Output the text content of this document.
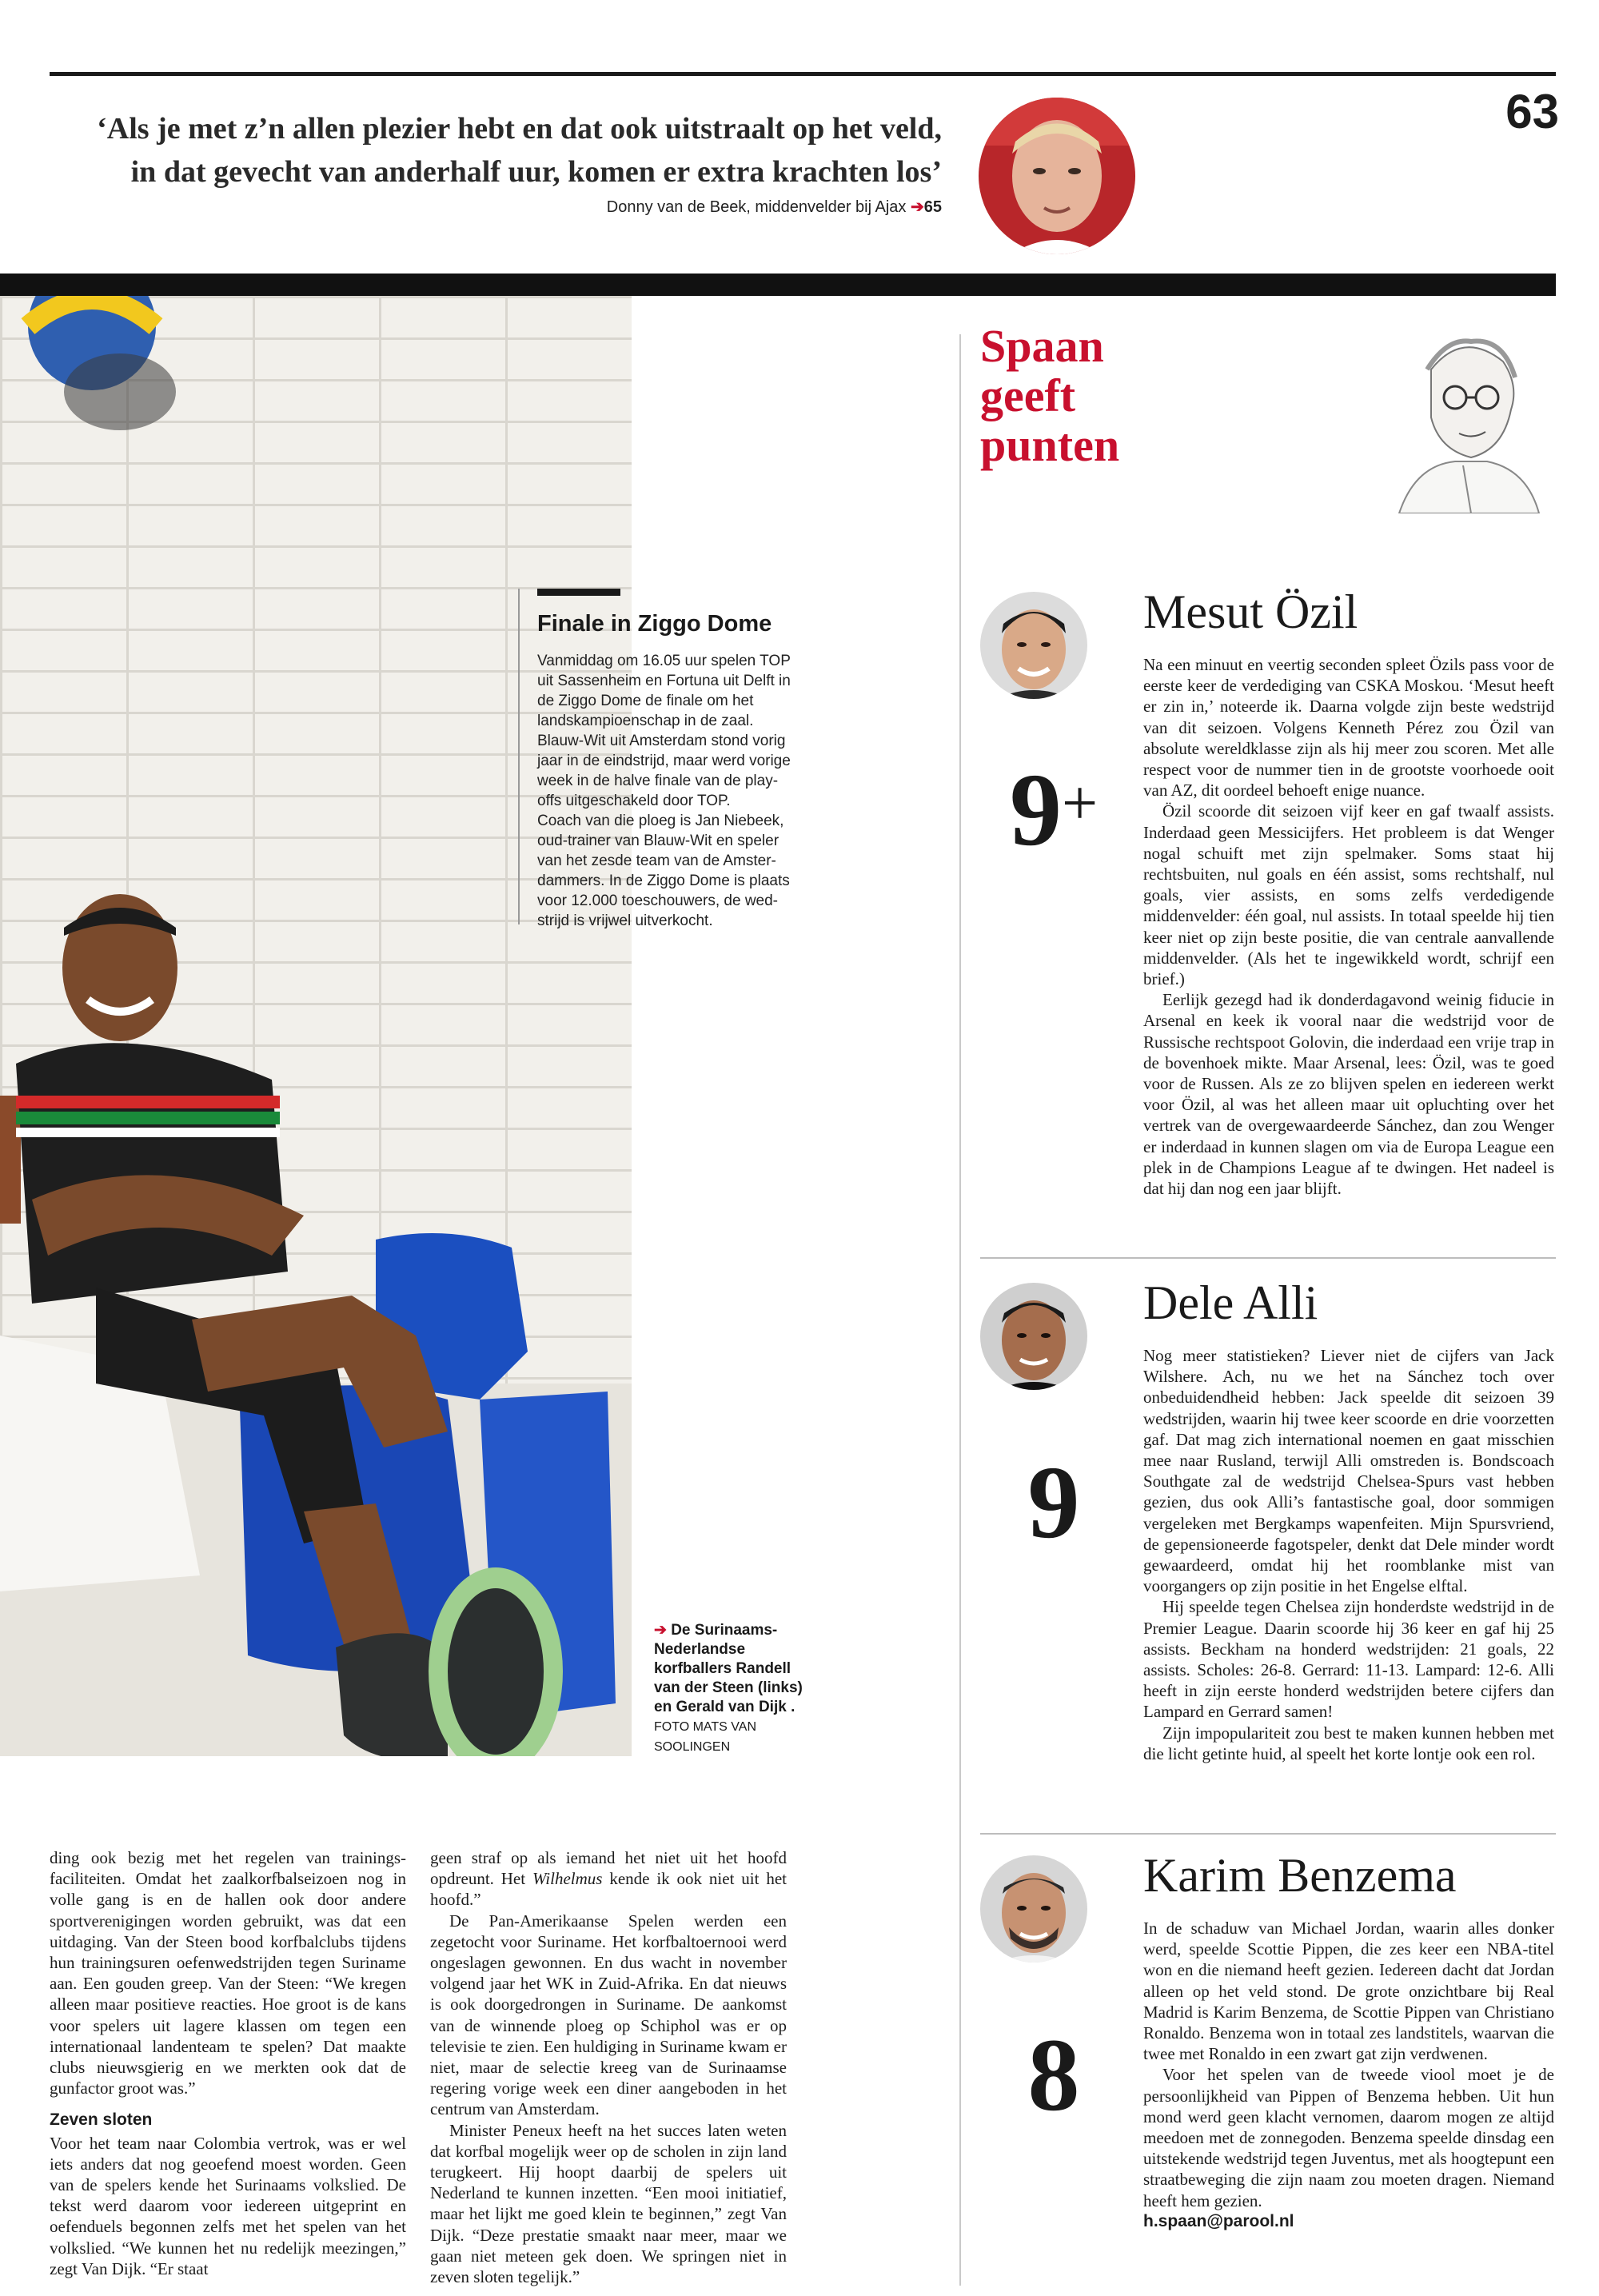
63
‘Als je met z’n allen plezier hebt en dat ook uitstraalt op het veld,
in dat gevecht van anderhalf uur, komen er extra krachten los’
Donny van de Beek, middenvelder bij Ajax ➔65
Finale in Ziggo Dome
Vanmiddag om 16.05 uur spelen TOP
uit Sassenheim en Fortuna uit Delft in
de Ziggo Dome de finale om het
landskampioenschap in de zaal.
Blauw-Wit uit Amsterdam stond vorig
jaar in de eindstrijd, maar werd vorige
week in de halve finale van de play-
offs uitgeschakeld door TOP.
Coach van die ploeg is Jan Niebeek,
oud-trainer van Blauw-Wit en speler
van het zesde team van de Amster-
dammers. In de Ziggo Dome is plaats
voor 12.000 toeschouwers, de wed-
strijd is vrijwel uitverkocht.
➔ De Surinaams-Nederlandse korfballers Randell van der Steen (links) en Gerald van Dijk . FOTO MATS VAN SOOLINGEN

ding ook bezig met het regelen van trainings-faciliteiten. Omdat het zaalkorfbalseizoen nog in volle gang is en de hallen ook door andere sportverenigingen worden gebruikt, was dat een uitdaging. Van der Steen bood korfbalclubs tijdens hun trainingsuren oefenwedstrijden tegen Suriname aan. Een gouden greep. Van der Steen: “We kregen alleen maar positieve reacties. Hoe groot is de kans voor spelers uit lagere klassen om tegen een internationaal landenteam te spelen? Dat maakte clubs nieuwsgierig en we merkten ook dat de gunfactor groot was.”

Zeven sloten

Voor het team naar Colombia vertrok, was er wel iets anders dat nog geoefend moest worden. Geen van de spelers kende het Surinaams volkslied. De tekst werd daarom voor iedereen uitgeprint en oefenduels begonnen zelfs met het spelen van het volkslied. “We kunnen het nu redelijk meezingen,” zegt Van Dijk. “Er staat

geen straf op als iemand het niet uit het hoofd opdreunt. Het Wilhelmus kende ik ook niet uit het hoofd.”

De Pan-Amerikaanse Spelen werden een zegetocht voor Suriname. Het korfbaltoernooi werd ongeslagen gewonnen. En dus wacht in november volgend jaar het WK in Zuid-Afrika. En dat nieuws is ook doorgedrongen in Suriname. De aankomst van de winnende ploeg op Schiphol was er op televisie te zien. Een huldiging in Suriname kwam er niet, maar de selectie kreeg van de Surinaamse regering vorige week een diner aangeboden in het centrum van Amsterdam.

Minister Peneux heeft na het succes laten weten dat korfbal mogelijk weer op de scholen in zijn land terugkeert. Hij hoopt daarbij de spelers uit Nederland te kunnen inzetten. “Een mooi initiatief, maar het lijkt me goed klein te beginnen,” zegt Van Dijk. “Deze prestatie smaakt naar meer, maar we gaan niet meteen gek doen. We springen niet in zeven sloten tegelijk.”

Spaan
geeft
punten
Mesut Özil
9+

Na een minuut en veertig seconden spleet Özils pass voor de eerste keer de verdediging van CSKA Moskou. ‘Mesut heeft er zin in,’ noteerde ik. Daarna volgde zijn beste wedstrijd van dit seizoen. Volgens Kenneth Pérez zou Özil van absolute wereldklasse zijn als hij meer zou scoren. Met alle respect voor de nummer tien in de grootste voorhoede ooit van AZ, dit oordeel behoeft enige nuance.

Özil scoorde dit seizoen vijf keer en gaf twaalf assists. Inderdaad geen Messicijfers. Het probleem is dat Wenger nogal schuift met zijn spelmaker. Soms staat hij rechtsbuiten, nul goals en één assist, soms rechtshalf, nul goals, vier assists, en soms zelfs verdedigende middenvelder: één goal, nul assists. In totaal speelde hij tien keer niet op zijn beste positie, die van centrale aanvallende middenvelder. (Als het te ingewikkeld wordt, schrijf een brief.)

Eerlijk gezegd had ik donderdagavond weinig fiducie in Arsenal en keek ik vooral naar die wedstrijd voor de Russische rechtspoot Golovin, die inderdaad een vrije trap in de bovenhoek mikte. Maar Arsenal, lees: Özil, was te goed voor de Russen. Als ze zo blijven spelen en iedereen werkt voor Özil, al was het alleen maar uit opluchting over het vertrek van de overgewaardeerde Sánchez, dan zou Wenger er inderdaad in kunnen slagen om via de Europa League een plek in de Champions League af te dwingen. Het nadeel is dat hij dan nog een jaar blijft.

Dele Alli
9

Nog meer statistieken? Liever niet de cijfers van Jack Wilshere. Ach, nu we het na Sánchez toch over onbeduidendheid hebben: Jack speelde dit seizoen 39 wedstrijden, waarin hij twee keer scoorde en drie voorzetten gaf. Dat mag zich international noemen en gaat misschien mee naar Rusland, terwijl Alli omstreden is. Bondscoach Southgate zal de wedstrijd Chelsea-Spurs vast hebben gezien, dus ook Alli’s fantastische goal, door sommigen vergeleken met Bergkamps wapenfeiten. Mijn Spursvriend, de gepensioneerde fagotspeler, denkt dat Dele minder wordt gewaardeerd, omdat hij het roomblanke mist van voorgangers op zijn positie in het Engelse elftal.

Hij speelde tegen Chelsea zijn honderdste wedstrijd in de Premier League. Daarin scoorde hij 36 keer en gaf hij 25 assists. Beckham na honderd wedstrijden: 21 goals, 22 assists. Scholes: 26-8. Gerrard: 11-13. Lampard: 12-6. Alli heeft in zijn eerste honderd wedstrijden betere cijfers dan Lampard en Gerrard samen!

Zijn impopulariteit zou best te maken kunnen hebben met die licht getinte huid, al speelt het korte lontje ook een rol.

Karim Benzema
8

In de schaduw van Michael Jordan, waarin alles donker werd, speelde Scottie Pippen, die zes keer een NBA-titel won en die niemand heeft gezien. Iedereen dacht dat Jordan alleen op het veld stond. De grote onzichtbare bij Real Madrid is Karim Benzema, de Scottie Pippen van Christiano Ronaldo. Benzema won in totaal zes landstitels, waarvan die twee met Ronaldo in een zwart gat zijn verdwenen.

Voor het spelen van de tweede viool moet je de persoonlijkheid van Pippen of Benzema hebben. Uit hun mond werd geen klacht vernomen, daarom mogen ze altijd meedoen met de zonnegoden. Benzema speelde dinsdag een uitstekende wedstrijd tegen Juventus, met als hoogtepunt een straatbeweging die zijn naam zou moeten dragen. Niemand heeft hem gezien.

h.spaan@parool.nl
